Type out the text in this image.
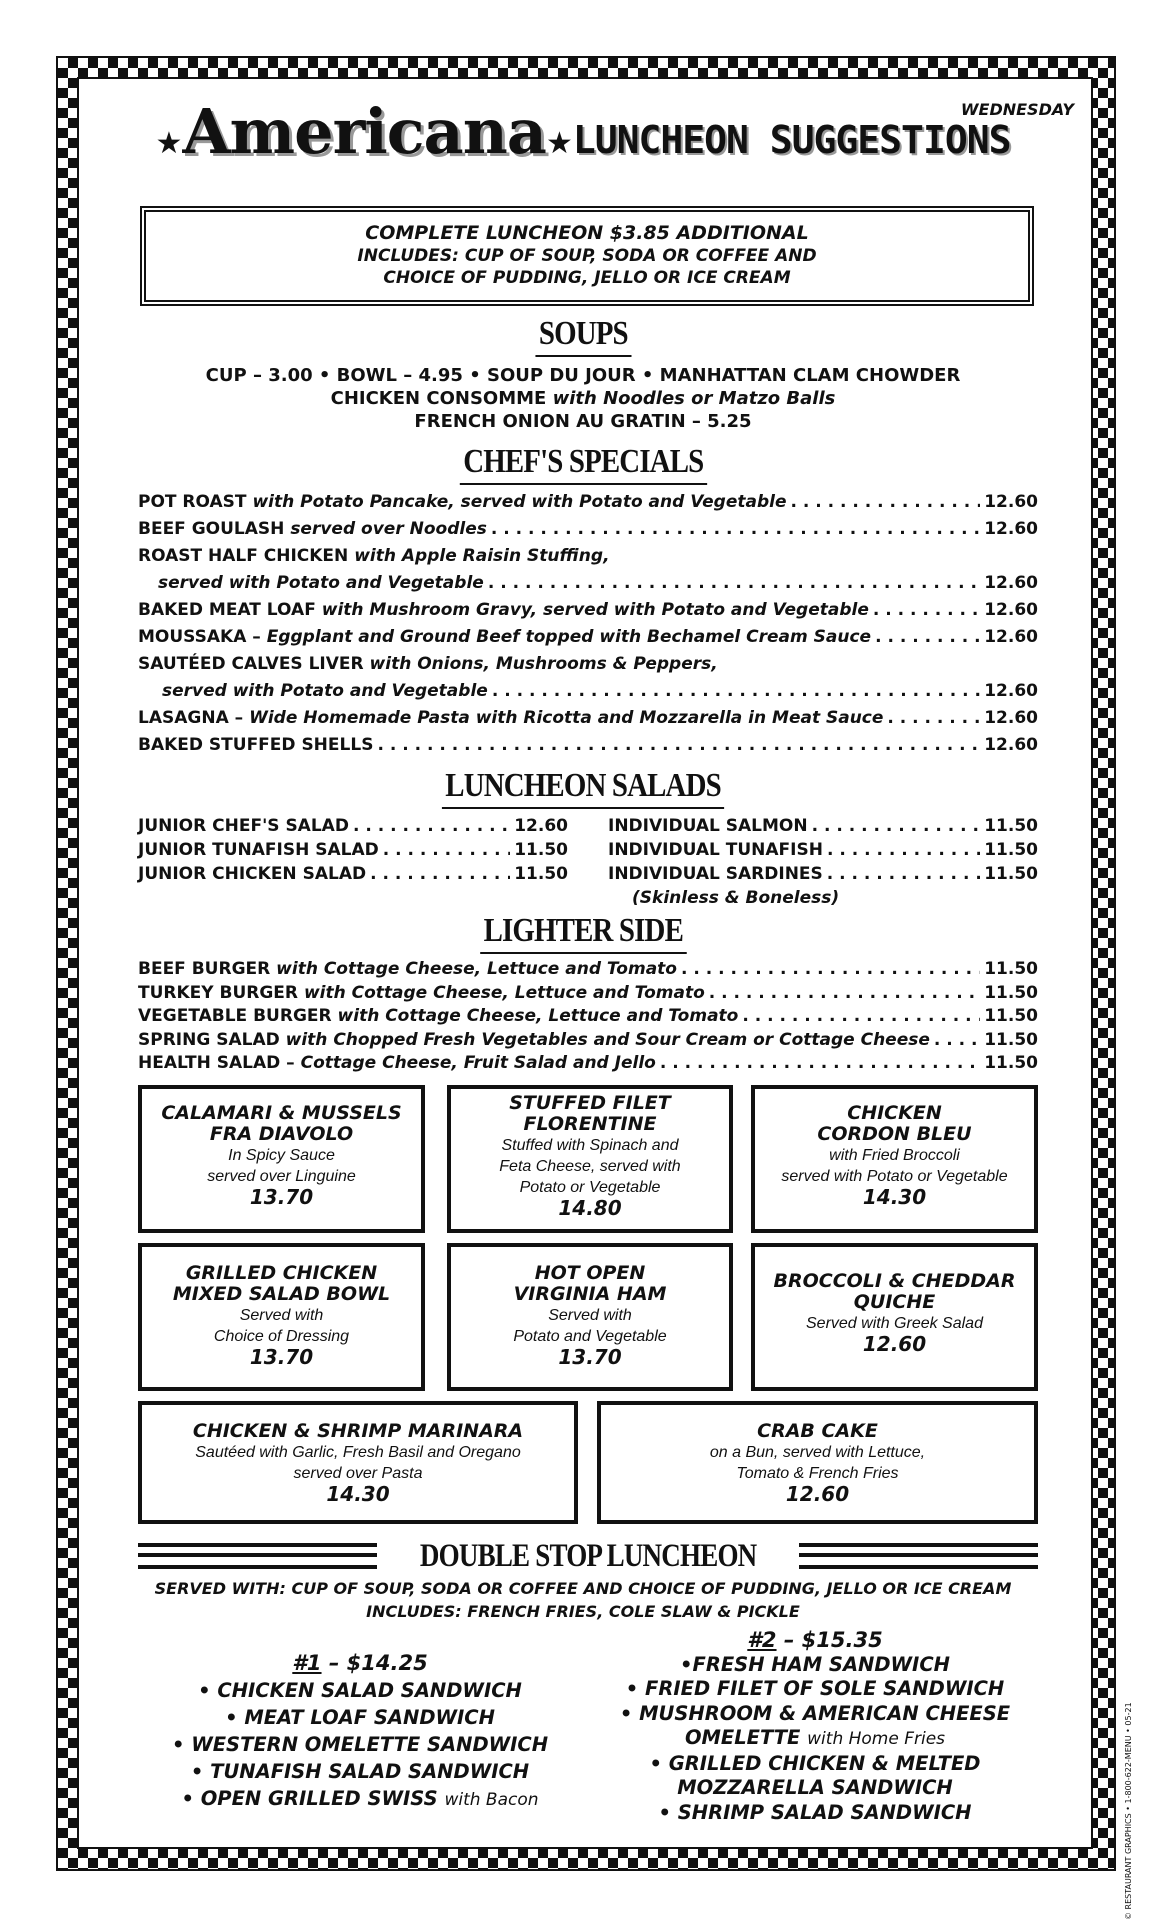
WEDNESDAY
★Americana★LUNCHEON SUGGESTIONS
COMPLETE LUNCHEON $3.85 ADDITIONAL
INCLUDES: CUP OF SOUP, SODA OR COFFEE AND
CHOICE OF PUDDING, JELLO OR ICE CREAM
SOUPS
CUP – 3.00 • BOWL – 4.95 • SOUP DU JOUR • MANHATTAN CLAM CHOWDER
CHICKEN CONSOMME with Noodles or Matzo Balls
FRENCH ONION AU GRATIN – 5.25
CHEF'S SPECIALS
POT ROAST with Potato Pancake, served with Potato and Vegetable . . .	12.60
BEEF GOULASH served over Noodles . . .	12.60
ROAST HALF CHICKEN with Apple Raisin Stuffing,
served with Potato and Vegetable . . .	12.60
BAKED MEAT LOAF with Mushroom Gravy, served with Potato and Vegetable . . .	12.60
MOUSSAKA – Eggplant and Ground Beef topped with Bechamel Cream Sauce . . .	12.60
SAUTÉED CALVES LIVER with Onions, Mushrooms & Peppers,
served with Potato and Vegetable . . .	12.60
LASAGNA – Wide Homemade Pasta with Ricotta and Mozzarella in Meat Sauce . . .	12.60
BAKED STUFFED SHELLS . . .	12.60
LUNCHEON SALADS
JUNIOR CHEF'S SALAD . . .	12.60
JUNIOR TUNAFISH SALAD . . .	11.50
JUNIOR CHICKEN SALAD . . .	11.50
INDIVIDUAL SALMON . . .	11.50
INDIVIDUAL TUNAFISH . . .	11.50
INDIVIDUAL SARDINES . . .	11.50
(Skinless & Boneless)
LIGHTER SIDE
BEEF BURGER with Cottage Cheese, Lettuce and Tomato . . .	11.50
TURKEY BURGER with Cottage Cheese, Lettuce and Tomato . . .	11.50
VEGETABLE BURGER with Cottage Cheese, Lettuce and Tomato . . .	11.50
SPRING SALAD with Chopped Fresh Vegetables and Sour Cream or Cottage Cheese . . .	11.50
HEALTH SALAD – Cottage Cheese, Fruit Salad and Jello . . .	11.50
CALAMARI & MUSSELS
FRA DIAVOLO
In Spicy Sauce
served over Linguine
13.70
STUFFED FILET
FLORENTINE
Stuffed with Spinach and
Feta Cheese, served with
Potato or Vegetable
14.80
CHICKEN
CORDON BLEU
with Fried Broccoli
served with Potato or Vegetable
14.30
GRILLED CHICKEN
MIXED SALAD BOWL
Served with
Choice of Dressing
13.70
HOT OPEN
VIRGINIA HAM
Served with
Potato and Vegetable
13.70
BROCCOLI & CHEDDAR
QUICHE
Served with Greek Salad
12.60
CHICKEN & SHRIMP MARINARA
Sautéed with Garlic, Fresh Basil and Oregano
served over Pasta
14.30
CRAB CAKE
on a Bun, served with Lettuce,
Tomato & French Fries
12.60
DOUBLE STOP LUNCHEON
SERVED WITH: CUP OF SOUP, SODA OR COFFEE AND CHOICE OF PUDDING, JELLO OR ICE CREAM
INCLUDES: FRENCH FRIES, COLE SLAW & PICKLE
#1 – $14.25
• CHICKEN SALAD SANDWICH
• MEAT LOAF SANDWICH
• WESTERN OMELETTE SANDWICH
• TUNAFISH SALAD SANDWICH
• OPEN GRILLED SWISS with Bacon
#2 – $15.35
•FRESH HAM SANDWICH
• FRIED FILET OF SOLE SANDWICH
• MUSHROOM & AMERICAN CHEESE
OMELETTE with Home Fries
• GRILLED CHICKEN & MELTED
MOZZARELLA SANDWICH
• SHRIMP SALAD SANDWICH	© RESTAURANT GRAPHICS • 1-800-622-MENU • 05-21
